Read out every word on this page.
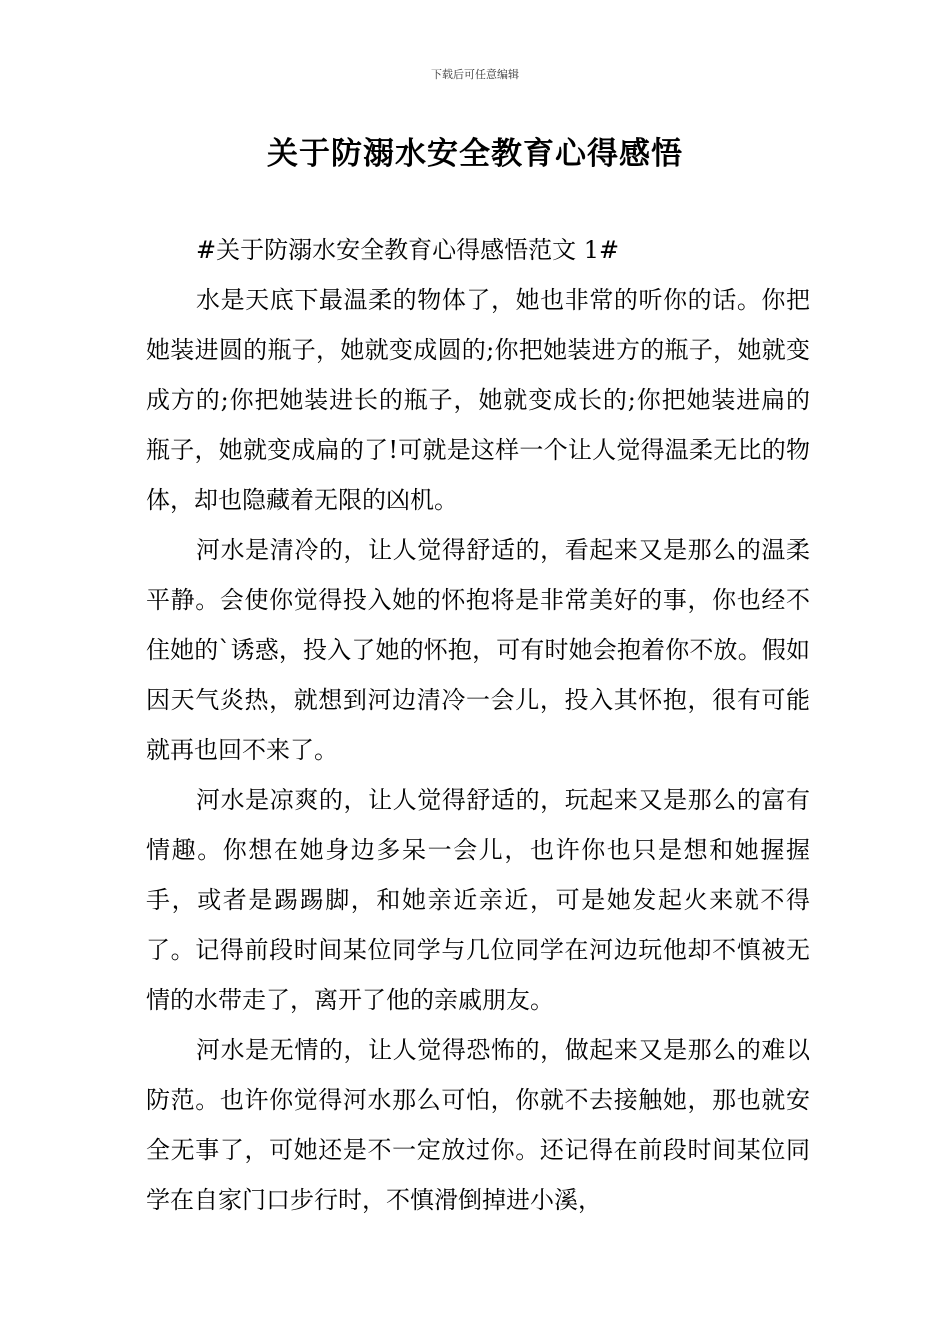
下载后可任意编辑
关于防溺水安全教育心得感悟

#关于防溺水安全教育心得感悟范文 1#

水是天底下最温柔的物体了，她也非常的听你的话。你把她装进圆的瓶子，她就变成圆的;你把她装进方的瓶子，她就变成方的;你把她装进长的瓶子，她就变成长的;你把她装进扁的瓶子，她就变成扁的了!可就是这样一个让人觉得温柔无比的物体，却也隐藏着无限的凶机。

河水是清冷的，让人觉得舒适的，看起来又是那么的温柔平静。会使你觉得投入她的怀抱将是非常美好的事，你也经不住她的`诱惑，投入了她的怀抱，可有时她会抱着你不放。假如因天气炎热，就想到河边清冷一会儿，投入其怀抱，很有可能就再也回不来了。

河水是凉爽的，让人觉得舒适的，玩起来又是那么的富有情趣。你想在她身边多呆一会儿，也许你也只是想和她握握手，或者是踢踢脚，和她亲近亲近，可是她发起火来就不得了。记得前段时间某位同学与几位同学在河边玩他却不慎被无情的水带走了，离开了他的亲戚朋友。

河水是无情的，让人觉得恐怖的，做起来又是那么的难以防范。也许你觉得河水那么可怕，你就不去接触她，那也就安全无事了，可她还是不一定放过你。还记得在前段时间某位同学在自家门口步行时，不慎滑倒掉进小溪，
